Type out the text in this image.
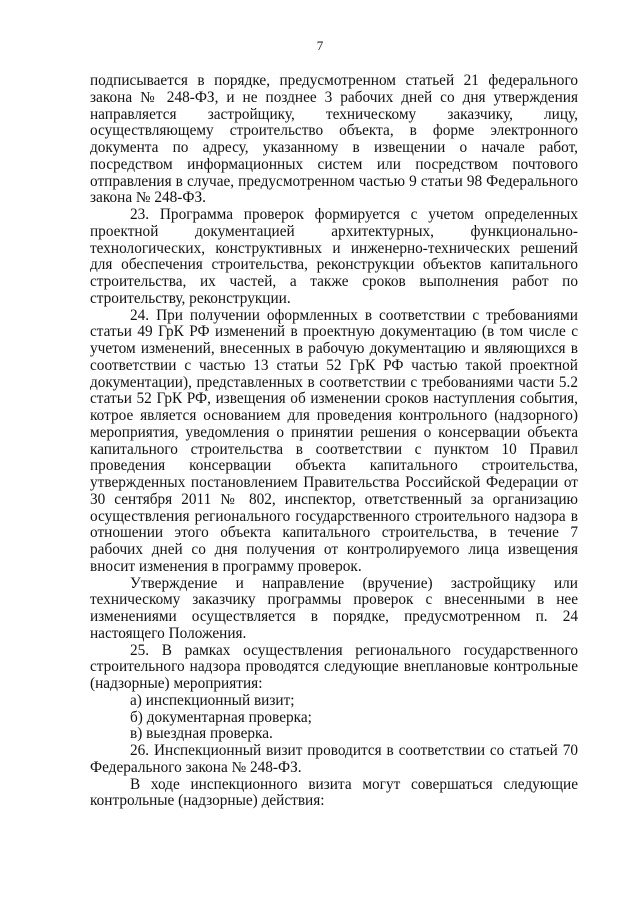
7

подписывается в порядке, предусмотренном статьей 21 федерального закона № 248-ФЗ, и не позднее 3 рабочих дней со дня утверждения направляется застройщику, техническому заказчику, лицу, осуществляющему строительство объекта, в форме электронного документа по адресу, указанному в извещении о начале работ, посредством информационных систем или посредством почтового отправления в случае, предусмотренном частью 9 статьи 98 Федерального закона № 248-ФЗ.

23. Программа проверок формируется с учетом определенных проектной документацией архитектурных, функционально-технологических, конструктивных и инженерно-технических решений для обеспечения строительства, реконструкции объектов капитального строительства, их частей, а также сроков выполнения работ по строительству, реконструкции.

24. При получении оформленных в соответствии с требованиями статьи 49 ГрК РФ изменений в проектную документацию (в том числе с учетом изменений, внесенных в рабочую документацию и являющихся в соответствии с частью 13 статьи 52 ГрК РФ частью такой проектной документации), представленных в соответствии с требованиями части 5.2 статьи 52 ГрК РФ, извещения об изменении сроков наступления события, котрое является основанием для проведения контрольного (надзорного) мероприятия, уведомления о принятии решения о консервации объекта капитального строительства в соответствии с пунктом 10 Правил проведения консервации объекта капитального строительства, утвержденных постановлением Правительства Российской Федерации от 30 сентября 2011 № 802, инспектор, ответственный за организацию осуществления регионального государственного строительного надзора в отношении этого объекта капитального строительства, в течение 7 рабочих дней со дня получения от контролируемого лица извещения вносит изменения в программу проверок.

Утверждение и направление (вручение) застройщику или техническому заказчику программы проверок с внесенными в нее изменениями осуществляется в порядке, предусмотренном п. 24 настоящего Положения.

25. В рамках осуществления регионального государственного строительного надзора проводятся следующие внеплановые контрольные (надзорные) мероприятия:

а) инспекционный визит;

б) документарная проверка;

в) выездная проверка.

26. Инспекционный визит проводится в соответствии со статьей 70 Федерального закона № 248-ФЗ.

В ходе инспекционного визита могут совершаться следующие контрольные (надзорные) действия:
